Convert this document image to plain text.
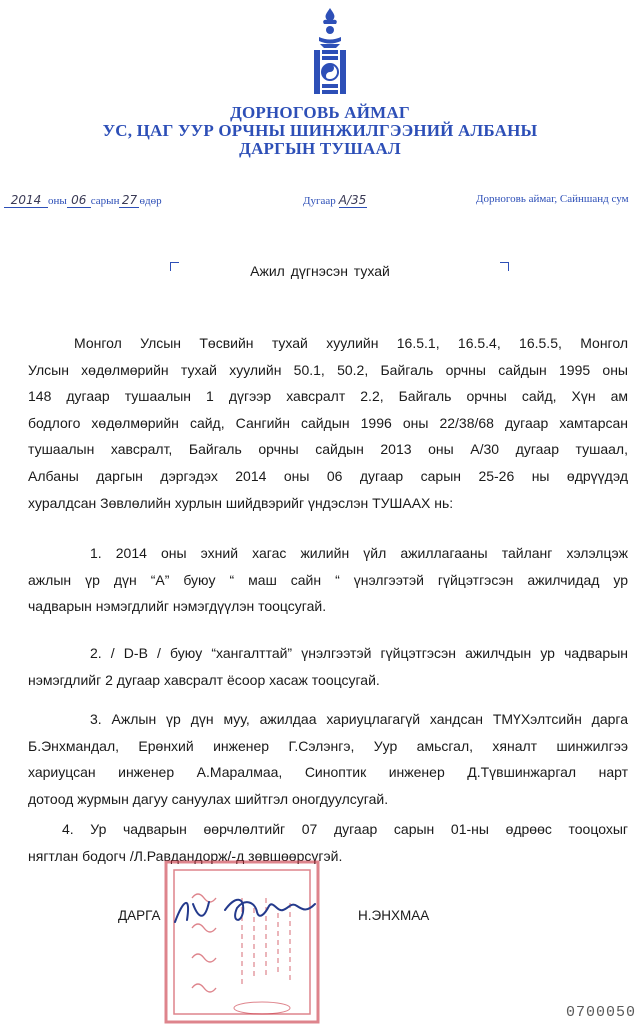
ДОРНОГОВЬ АЙМАГ
УС, ЦАГ УУР ОРЧНЫ ШИНЖИЛГЭЭНИЙ АЛБАНЫ
ДАРГЫН ТУШААЛ
2014 оны 06 сарын 27 өдөр	Дугаар А/35	Дорноговь аймаг, Сайншанд сум
Ажил дүгнэсэн тухай
Монгол Улсын Төсвийн тухай хуулийн 16.5.1, 16.5.4, 16.5.5, Монгол
Улсын хөдөлмөрийн тухай хуулийн 50.1, 50.2, Байгаль орчны сайдын 1995 оны
148 дугаар тушаалын 1 дүгээр хавсралт 2.2, Байгаль орчны сайд, Хүн ам
бодлого хөдөлмөрийн сайд, Сангийн сайдын 1996 оны 22/38/68 дугаар хамтарсан
тушаалын хавсралт, Байгаль орчны сайдын 2013 оны А/30 дугаар тушаал,
Албаны даргын дэргэдэх 2014 оны 06 дугаар сарын 25-26 ны өдрүүдэд
хуралдсан Зөвлөлийн хурлын шийдвэрийг үндэслэн ТУШААХ нь:
1. 2014 оны эхний хагас жилийн үйл ажиллагааны тайланг хэлэлцэж
ажлын үр дүн “А” буюу “ маш сайн “ үнэлгээтэй гүйцэтгэсэн ажилчидад ур
чадварын нэмэгдлийг нэмэгдүүлэн тооцсугай.
2. / D-B / буюу “хангалттай” үнэлгээтэй гүйцэтгэсэн ажилчдын ур чадварын
нэмэгдлийг 2 дугаар хавсралт ёсоор хасаж тооцсугай.
3. Ажлын үр дүн муу, ажилдаа хариуцлагагүй хандсан ТМҮХэлтсийн дарга
Б.Энхмандал, Ерөнхий инженер Г.Сэлэнгэ, Уур амьсгал, хяналт шинжилгээ
хариуцсан инженер А.Маралмаа, Синоптик инженер Д.Түвшинжаргал нарт
дотоод журмын дагуу сануулах шийтгэл оногдуулсугай.
4. Ур чадварын өөрчлөлтийг 07 дугаар сарын 01-ны өдрөөс тооцохыг
нягтлан бодогч /Л.Равдандорж/-д зөвшөөрсүгэй.
ДАРГА	Н.ЭНХМАА
0700050
